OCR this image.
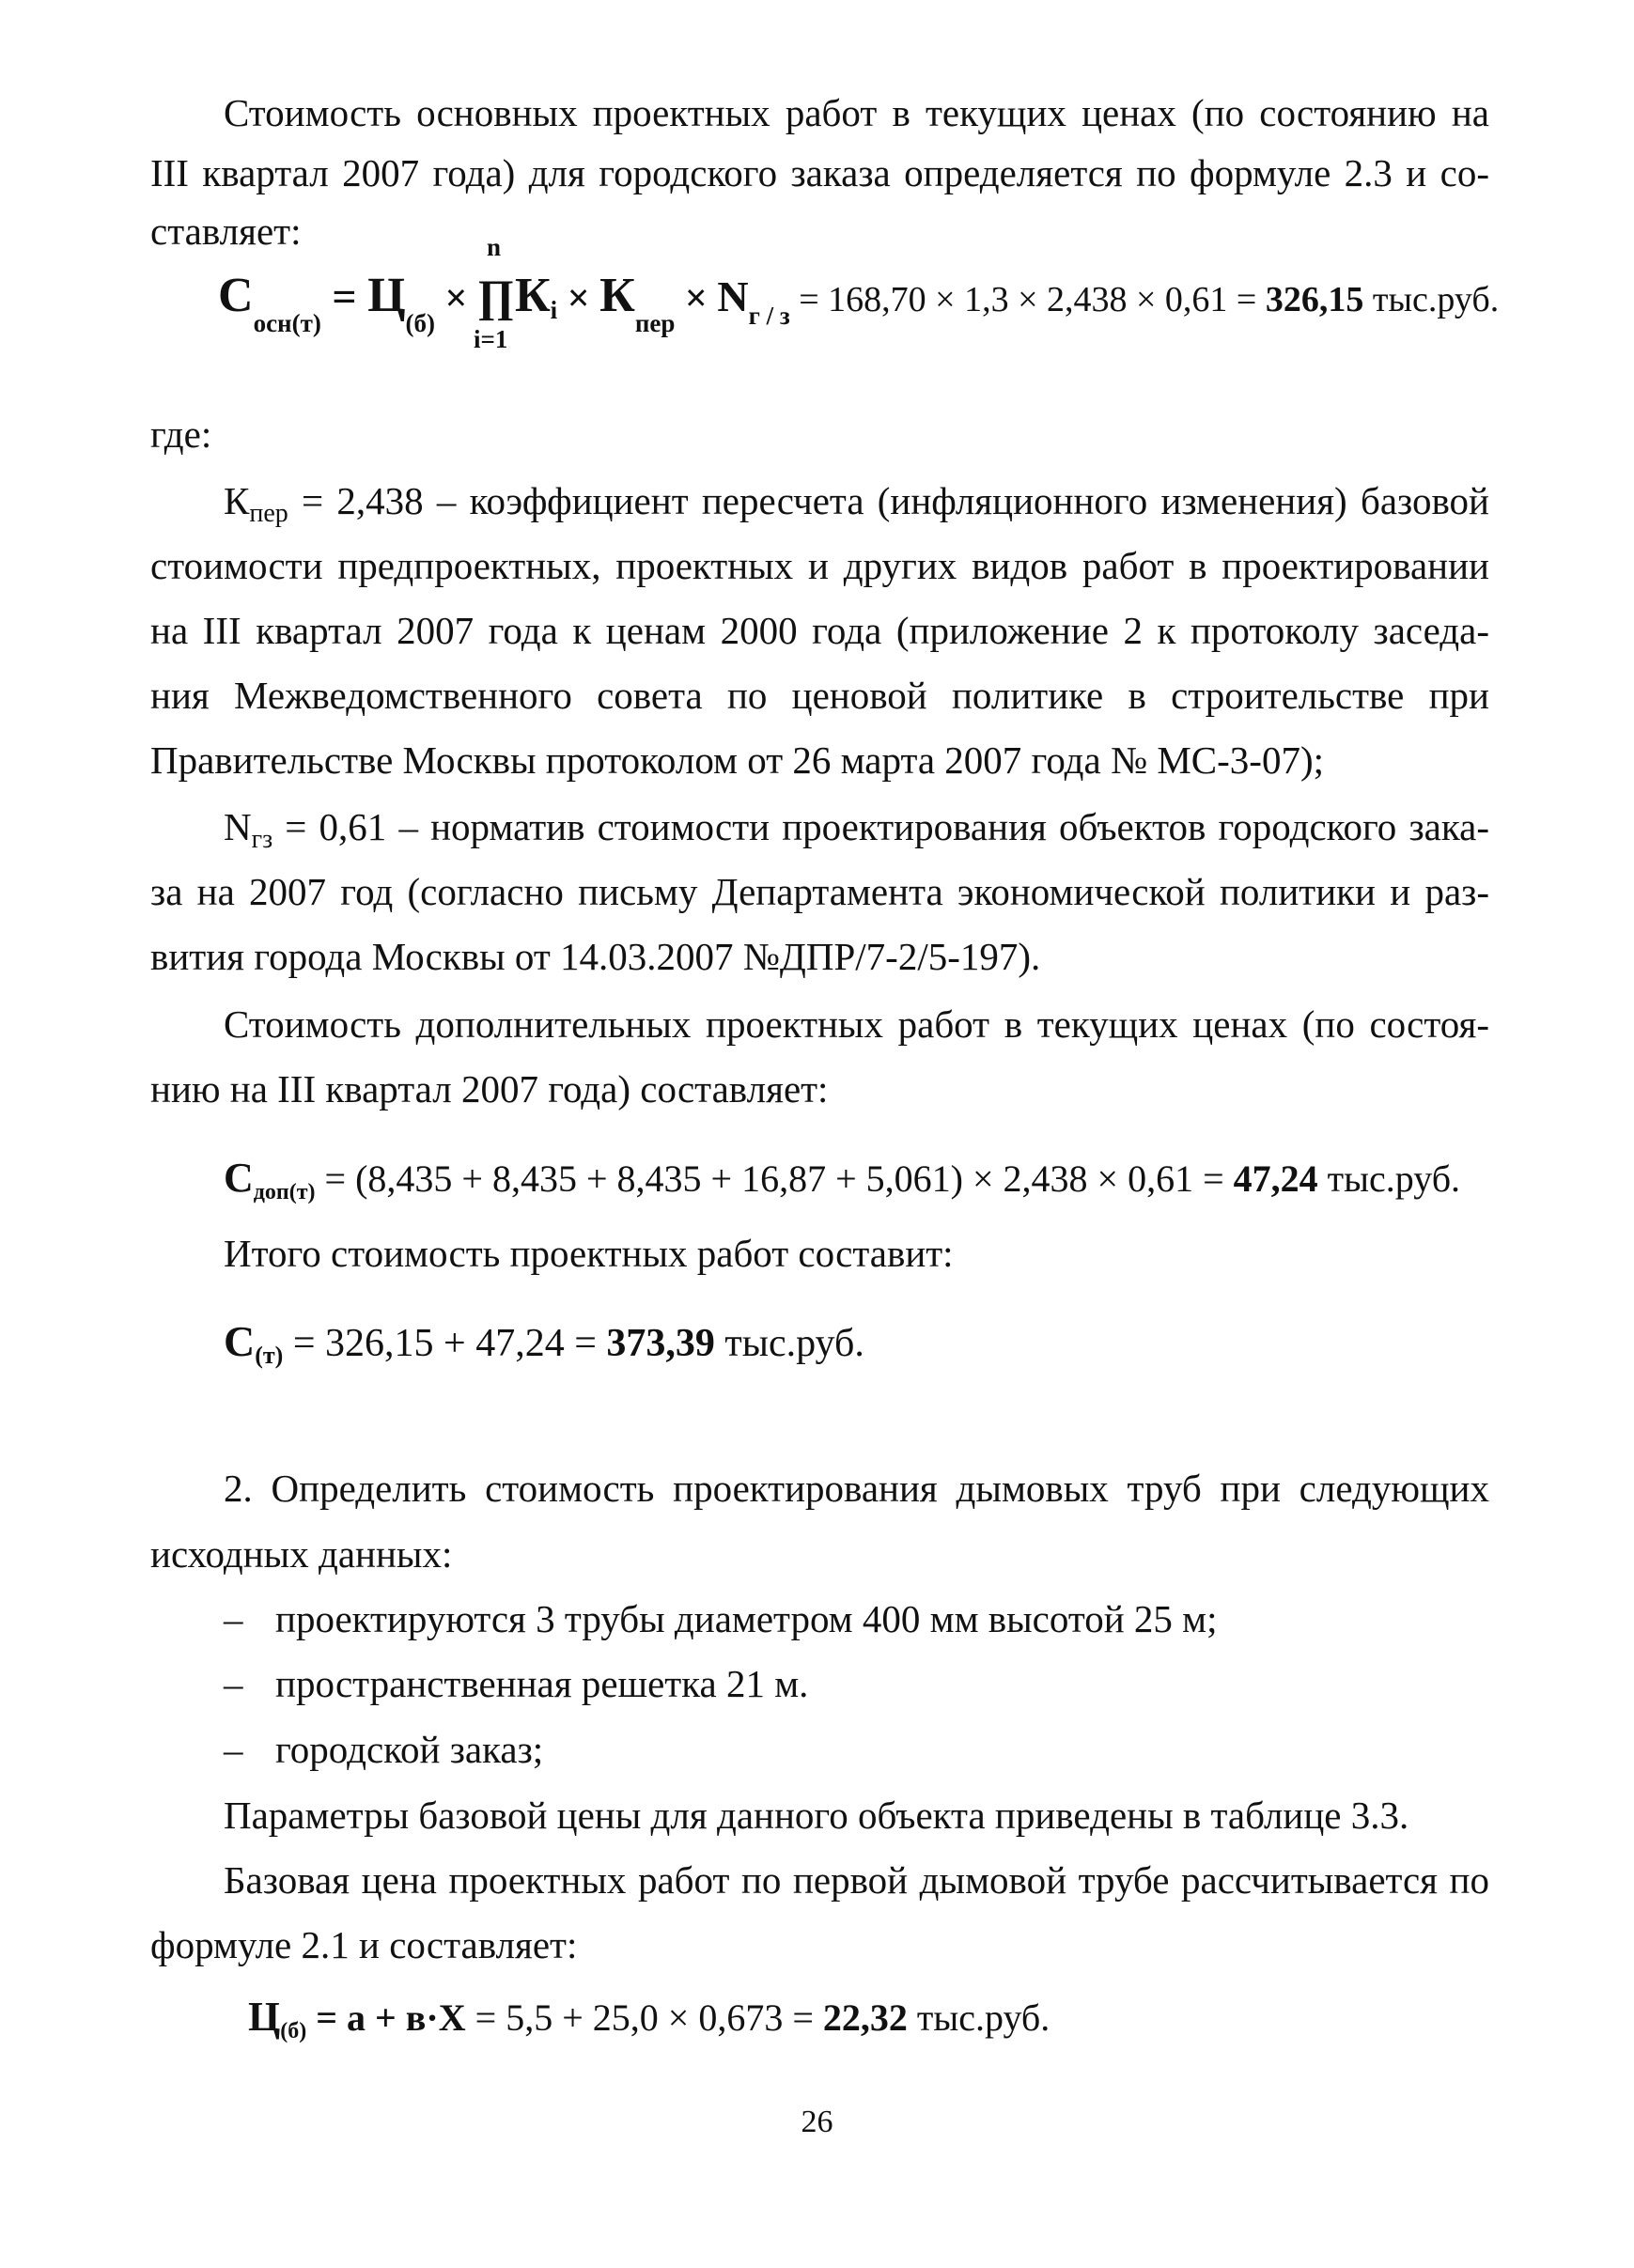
Стоимость основных проектных работ в текущих ценах (по состоянию на
III квартал 2007 года) для городского заказа определяется по формуле 2.3 и со-
ставляет:
$С_{осн(т)} = Ц_{(б)}$ ×
n
∏
i=1
Кi × $К_{пер} \times N_{г / з} = 168,70 \times 1,3 \times 2,438 \times 0,61 = 326,15$ тыс.руб.
где:
Кпер = 2,438 – коэффициент пересчета (инфляционного изменения) базовой
стоимости предпроектных, проектных и других видов работ в проектировании
на III квартал 2007 года к ценам 2000 года (приложение 2 к протоколу заседа-
ния Межведомственного совета по ценовой политике в строительстве при
Правительстве Москвы протоколом от 26 марта 2007 года № МС-3-07);
Nгз = 0,61 – норматив стоимости проектирования объектов городского зака-
за на 2007 год (согласно письму Департамента экономической политики и раз-
вития города Москвы от 14.03.2007 №ДПР/7-2/5-197).
Стоимость дополнительных проектных работ в текущих ценах (по состоя-
нию на III квартал 2007 года) составляет:
$С_{доп(т)} = (8,435 + 8,435 + 8,435 + 16,87 + 5,061) \times 2,438 \times 0,61 = 47,24$ тыс.руб.
Итого стоимость проектных работ составит:
С(т) = 326,15 + 47,24 = 373,39 тыс.руб.
2. Определить стоимость проектирования дымовых труб при следующих
исходных данных:
– проектируются 3 трубы диаметром 400 мм высотой 25 м;
– пространственная решетка 21 м.
– городской заказ;
Параметры базовой цены для данного объекта приведены в таблице 3.3.
Базовая цена проектных работ по первой дымовой трубе рассчитывается по
формуле 2.1 и составляет:
$Ц_{(б)} = а + в\cdot Х = 5,5 + 25,0 \times 0,673 = 22,32$ тыс.руб.
26
